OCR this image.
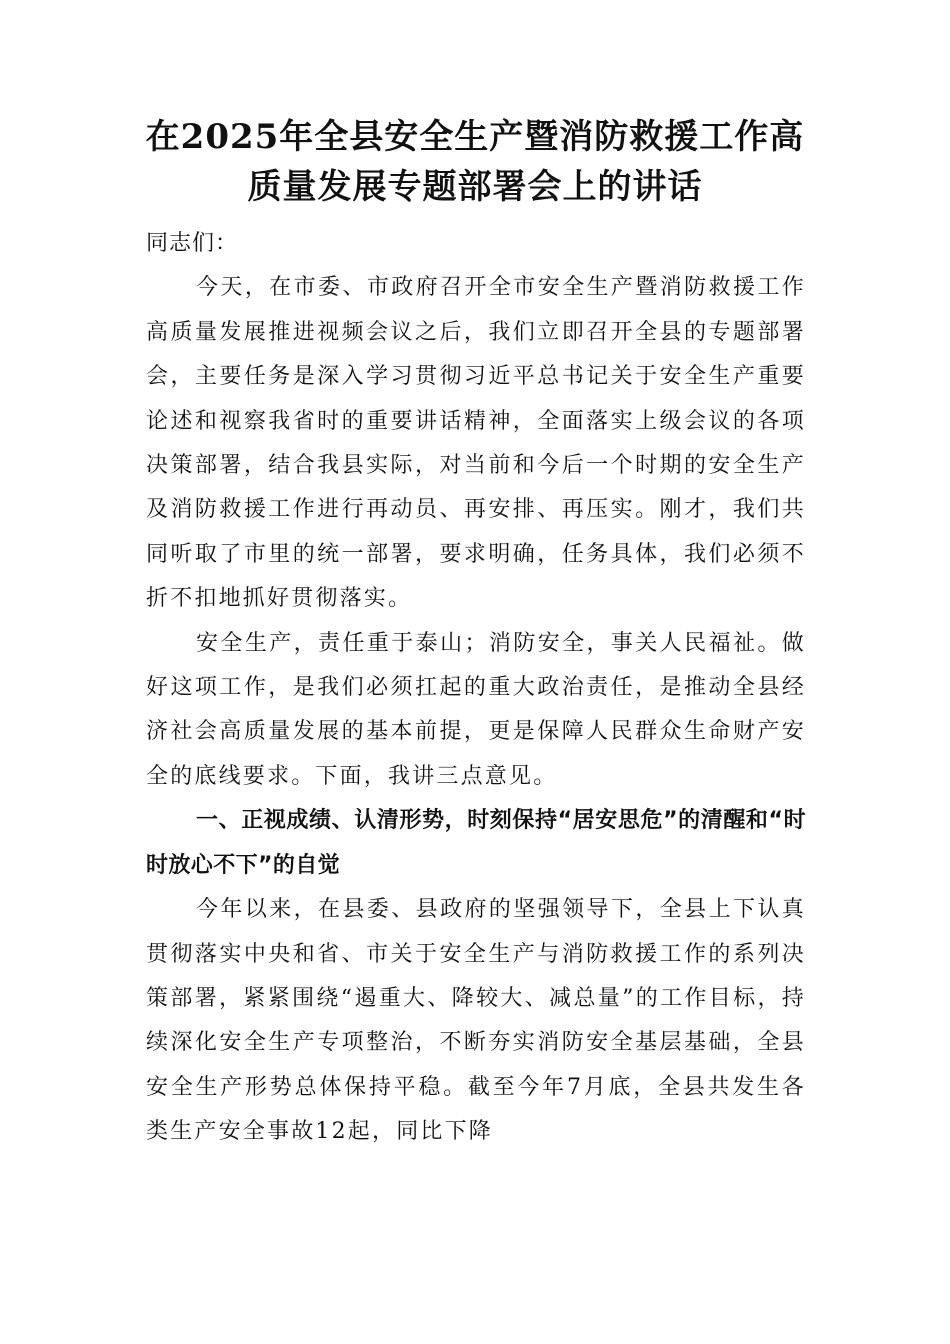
在2025年全县安全生产暨消防救援工作高
质量发展专题部署会上的讲话

同志们：

今天，在市委、市政府召开全市安全生产暨消防救援工作高质量发展推进视频会议之后，我们立即召开全县的专题部署会，主要任务是深入学习贯彻习近平总书记关于安全生产重要论述和视察我省时的重要讲话精神，全面落实上级会议的各项决策部署，结合我县实际，对当前和今后一个时期的安全生产及消防救援工作进行再动员、再安排、再压实。刚才，我们共同听取了市里的统一部署，要求明确，任务具体，我们必须不折不扣地抓好贯彻落实。

安全生产，责任重于泰山；消防安全，事关人民福祉。做好这项工作，是我们必须扛起的重大政治责任，是推动全县经济社会高质量发展的基本前提，更是保障人民群众生命财产安全的底线要求。下面，我讲三点意见。

一、正视成绩、认清形势，时刻保持“居安思危”的清醒和“时时放心不下”的自觉

今年以来，在县委、县政府的坚强领导下，全县上下认真贯彻落实中央和省、市关于安全生产与消防救援工作的系列决策部署，紧紧围绕“遏重大、降较大、减总量”的工作目标，持续深化安全生产专项整治，不断夯实消防安全基层基础，全县安全生产形势总体保持平稳。截至今年7月底，全县共发生各类生产安全事故12起，同比下降
